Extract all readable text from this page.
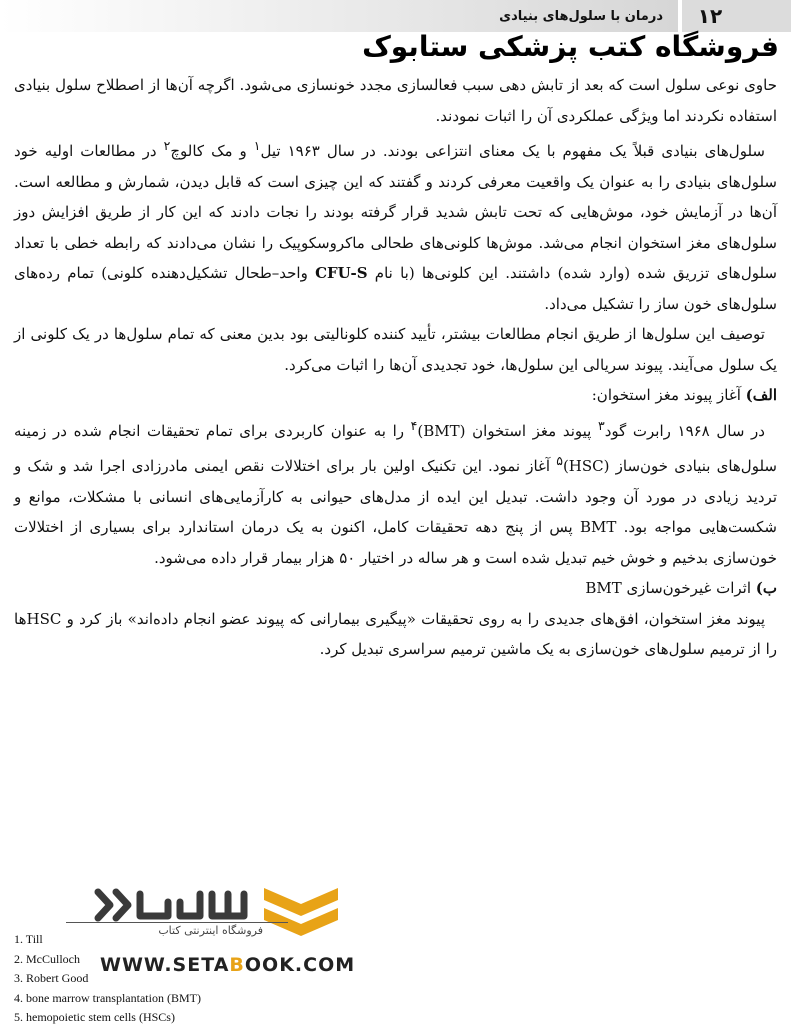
۱۲
درمان با سلول‌های بنیادی
فروشگاه کتب پزشکی ستابوک

حاوی نوعی سلول است که بعد از تابش دهی سبب فعالسازی مجدد خونسازی می‌شود. اگرچه آن‌ها از اصطلاح سلول بنیادی استفاده نکردند اما ویژگی عملکردی آن را اثبات نمودند.

سلول‌های بنیادی قبلاً یک مفهوم با یک معنای انتزاعی بودند. در سال ۱۹۶۳ تیل$^۱$ و مک کالوچ$^۲$ در مطالعات اولیه خود سلول‌های بنیادی را به عنوان یک واقعیت معرفی کردند و گفتند که این چیزی است که قابل دیدن، شمارش و مطالعه است. آن‌ها در آزمایش خود، موش‌هایی که تحت تابش شدید قرار گرفته بودند را نجات دادند که این کار از طریق افزایش دوز سلول‌های مغز استخوان انجام می‌شد. موش‌ها کلونی‌های طحالی ماکروسکوپیک را نشان می‌دادند که رابطه خطی با تعداد سلول‌های تزریق شده (وارد شده) داشتند. این کلونی‌ها (با نام CFU-S واحد–طحال تشکیل‌دهنده کلونی) تمام رده‌های سلول‌های خون ساز را تشکیل می‌داد.

توصیف این سلول‌ها از طریق انجام مطالعات بیشتر، تأیید کننده کلونالیتی بود بدین معنی که تمام سلول‌ها در یک کلونی از یک سلول می‌آیند. پیوند سریالی این سلول‌ها، خود تجدیدی آن‌ها را اثبات می‌کرد.

الف) آغاز پیوند مغز استخوان:

در سال ۱۹۶۸ رابرت گود$^۳$ پیوند مغز استخوان (BMT)$^۴$ را به عنوان کاربردی برای تمام تحقیقات انجام شده در زمینه سلول‌های بنیادی خون‌ساز (HSC)$^۵$ آغاز نمود. این تکنیک اولین بار برای اختلالات نقص ایمنی مادرزادی اجرا شد و شک و تردید زیادی در مورد آن وجود داشت. تبدیل این ایده از مدل‌های حیوانی به کارآزمایی‌های انسانی با مشکلات، موانع و شکست‌هایی مواجه بود. BMT پس از پنج دهه تحقیقات کامل، اکنون به یک درمان استاندارد برای بسیاری از اختلالات خون‌سازی بدخیم و خوش خیم تبدیل شده است و هر ساله در اختیار ۵۰ هزار بیمار قرار داده می‌شود.

ب) اثرات غیرخون‌سازی BMT

پیوند مغز استخوان، افق‌های جدیدی را به روی تحقیقات «پیگیری بیمارانی که پیوند عضو انجام داده‌اند» باز کرد و HSCها را از ترمیم سلول‌های خون‌سازی به یک ماشین ترمیم سراسری تبدیل کرد.

فروشگاه اینترنتی کتاب
WWW.SETABOOK.COM
1. Till
2. McCulloch
3. Robert Good
4. bone marrow transplantation (BMT)
5. hemopoietic stem cells (HSCs)
